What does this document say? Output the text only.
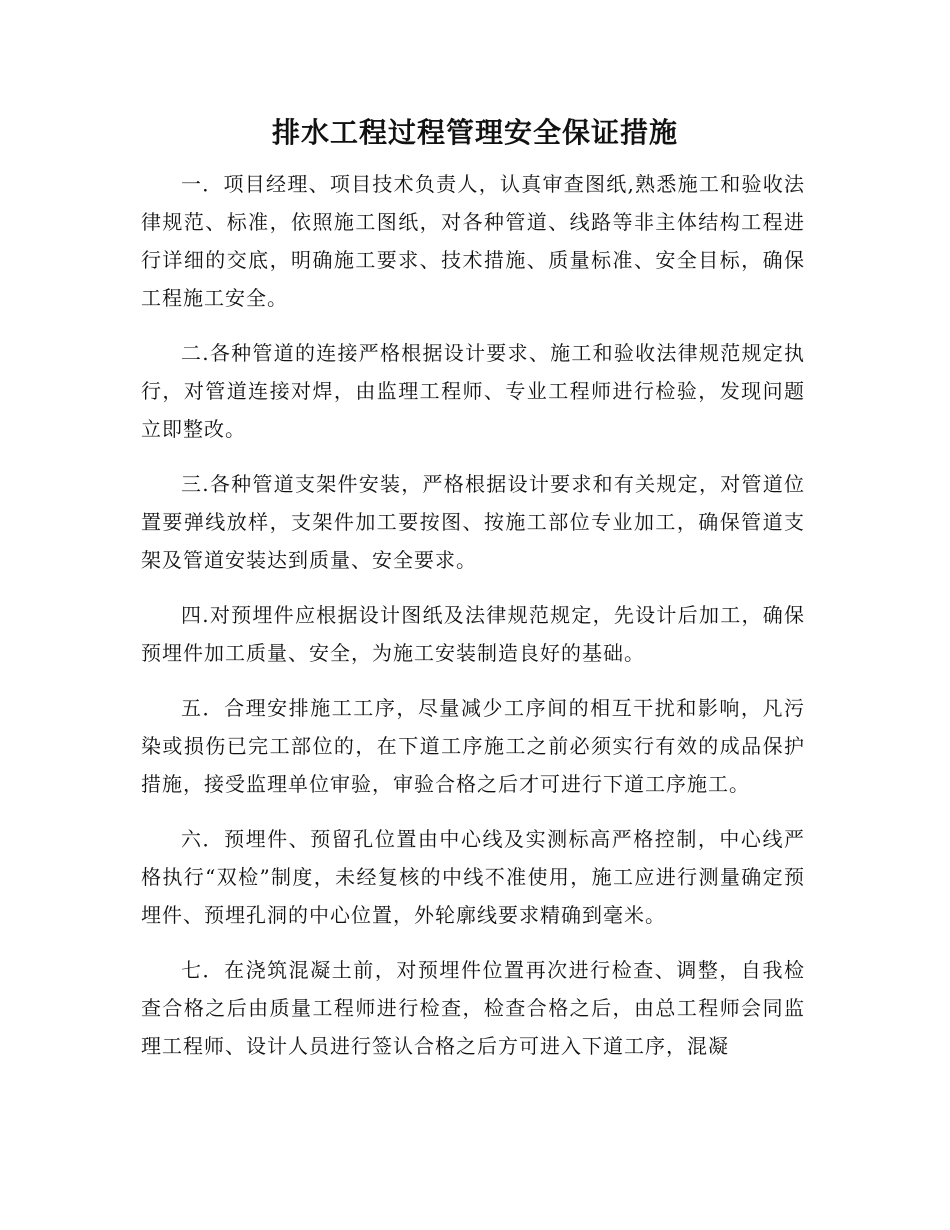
排水工程过程管理安全保证措施

一．项目经理、项目技术负责人，认真审查图纸,熟悉施工和验收法律规范、标准，依照施工图纸，对各种管道、线路等非主体结构工程进行详细的交底，明确施工要求、技术措施、质量标准、安全目标，确保工程施工安全。

二.各种管道的连接严格根据设计要求、施工和验收法律规范规定执行，对管道连接对焊，由监理工程师、专业工程师进行检验，发现问题立即整改。

三.各种管道支架件安装，严格根据设计要求和有关规定，对管道位置要弹线放样，支架件加工要按图、按施工部位专业加工，确保管道支架及管道安装达到质量、安全要求。

四.对预埋件应根据设计图纸及法律规范规定，先设计后加工，确保预埋件加工质量、安全，为施工安装制造良好的基础。

五．合理安排施工工序，尽量减少工序间的相互干扰和影响，凡污染或损伤已完工部位的，在下道工序施工之前必须实行有效的成品保护措施，接受监理单位审验，审验合格之后才可进行下道工序施工。

六．预埋件、预留孔位置由中心线及实测标高严格控制，中心线严格执行“双检”制度，未经复核的中线不准使用，施工应进行测量确定预埋件、预埋孔洞的中心位置，外轮廓线要求精确到毫米。

七．在浇筑混凝土前，对预埋件位置再次进行检查、调整，自我检查合格之后由质量工程师进行检查，检查合格之后，由总工程师会同监理工程师、设计人员进行签认合格之后方可进入下道工序，混凝
